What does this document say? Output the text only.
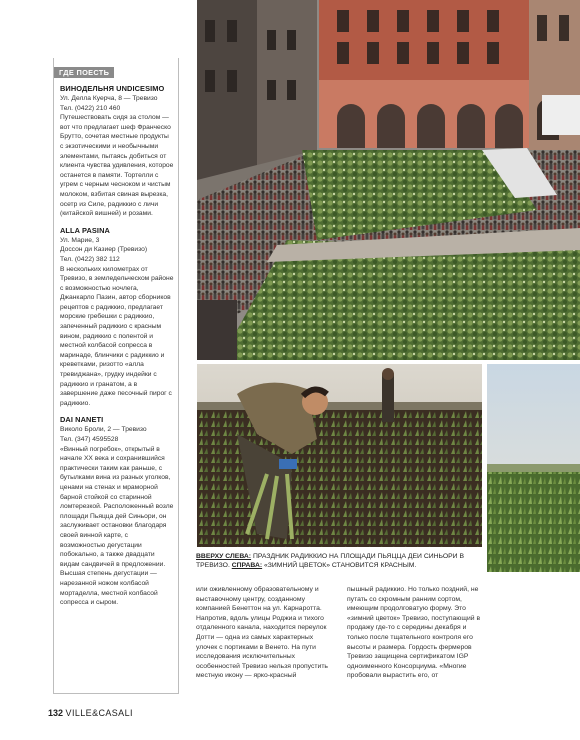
ГДЕ ПОЕСТЬ
ВИНОДЕЛЬНЯ UNDICESIMO
Ул. Делла Куерча, 8 — Тревизо
Тел. (0422) 210 460

Путешествовать сидя за столом — вот что предлагает шеф Франческо Брутто, сочетая местные продукты с экзотическими и необычными элементами, пытаясь добиться от клиента чувства удивления, которое останется в памяти. Тортелли с угрем с черным чесноком и чистым молоком, взбитая свиная вырезка, осетр из Силе, радиккио с личи (китайской вишней) и розами.

ALLA PASINA
Ул. Марие, 3
Доссон ди Казиер (Тревизо)
Тел. (0422) 382 112

В нескольких километрах от Тревизо, в земледельческом районе с возможностью ночлега, Джанкарло Пазин, автор сборников рецептов с радиккио, предлагает морские гребешки с радиккио, запеченный радиккио с красным вином, радиккио с полентой и местной колбасой сопресса в маринаде, блинчики с радиккио и креветками, ризотто «алла тревиджана», грудку индейки с радиккио и гранатом, а в завершение даже песочный пирог с радиккио.

DAI NANETI
Виколо Броли, 2 — Тревизо
Тел. (347) 4595528

«Винный погребок», открытый в начале XX века и сохранившийся практически таким как раньше, с бутылками вина из разных уголков, ценами на стенах и мраморной барной стойкой со старинной ломтерезкой. Расположенный возле площади Пьяцца дей Синьори, он заслуживает остановки благодаря своей винной карте, с возможностью дегустации побокально, а также двадцати видам сандвичей в предложении. Высшая степень дегустации — нарезанной ножом колбасой мортаделла, местной колбасой сопресса и сыром.

ВВЕРХУ СЛЕВА: ПРАЗДНИК РАДИККИО НА ПЛОЩАДИ ПЬЯЦЦА ДЕИ СИНЬОРИ В ТРЕВИЗО. СПРАВА: «ЗИМНИЙ ЦВЕТОК» СТАНОВИТСЯ КРАСНЫМ.

или оживленному образовательному и выставочному центру, созданному компанией Бенеттон на ул. Карнаротта. Напротив, вдоль улицы Роджиа и тихого отдаленного канала, находится переулок Дотти — одна из самых характерных улочек с портиками в Венето. На пути исследования исключительных особенностей Тревизо нельзя пропустить местную икону — ярко-красный

пышный радиккио. Но только поздний, не путать со скромным ранним сортом, имеющим продолговатую форму. Это «зимний цветок» Тревизо, поступающий в продажу где-то с середины декабря и только после тщательного контроля его высоты и размера. Гордость фермеров Тревизо защищена сертификатом IGP одноименного Консорциума. «Многие пробовали вырастить его, от

132 VILLE&CASALI
